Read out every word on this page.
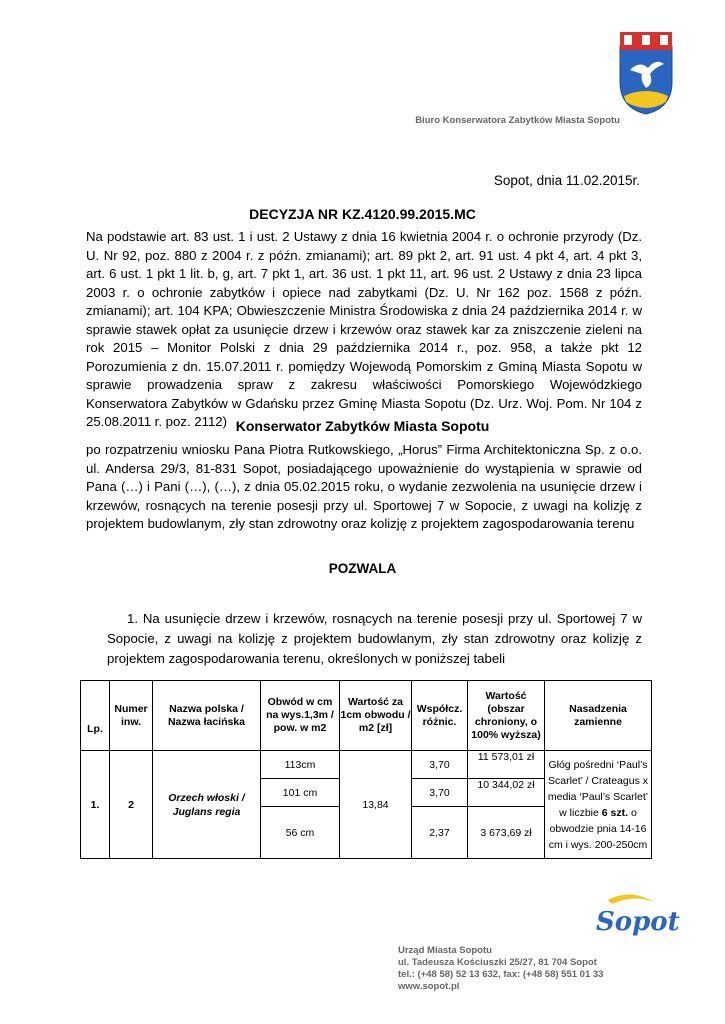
Biuro Konserwatora Zabytków Miasta Sopotu
Sopot, dnia 11.02.2015r.
DECYZJA NR KZ.4120.99.2015.MC
Na podstawie art. 83 ust. 1 i ust. 2 Ustawy z dnia 16 kwietnia 2004 r. o ochronie przyrody (Dz. U. Nr 92, poz. 880 z 2004 r. z późn. zmianami); art. 89 pkt 2, art. 91 ust. 4 pkt 4, art. 4 pkt 3, art. 6 ust. 1 pkt 1 lit. b, g, art. 7 pkt 1, art. 36 ust. 1 pkt 11, art. 96 ust. 2 Ustawy z dnia 23 lipca 2003 r. o ochronie zabytków i opiece nad zabytkami (Dz. U. Nr 162 poz. 1568 z późn. zmianami); art. 104 KPA; Obwieszczenie Ministra Środowiska z dnia 24 października 2014 r. w sprawie stawek opłat za usunięcie drzew i krzewów oraz stawek kar za zniszczenie zieleni na rok 2015 – Monitor Polski z dnia 29 października 2014 r., poz. 958, a także pkt 12 Porozumienia z dn. 15.07.2011 r. pomiędzy Wojewodą Pomorskim z Gminą Miasta Sopotu w sprawie prowadzenia spraw z zakresu właściwości Pomorskiego Wojewódzkiego Konserwatora Zabytków w Gdańsku przez Gminę Miasta Sopotu (Dz. Urz. Woj. Pom. Nr 104 z 25.08.2011 r. poz. 2112) Konserwator Zabytków Miasta Sopotu
po rozpatrzeniu wniosku Pana Piotra Rutkowskiego, „Horus” Firma Architektoniczna Sp. z o.o. ul. Andersa 29/3, 81-831 Sopot, posiadającego upoważnienie do wystąpienia w sprawie od Pana (…) i Pani (…), (…), z dnia 05.02.2015 roku, o wydanie zezwolenia na usunięcie drzew i krzewów, rosnących na terenie posesji przy ul. Sportowej 7 w Sopocie, z uwagi na kolizję z projektem budowlanym, zły stan zdrowotny oraz kolizję z projektem zagospodarowania terenu
POZWALA
1. Na usunięcie drzew i krzewów, rosnących na terenie posesji przy ul. Sportowej 7 w Sopocie, z uwagi na kolizję z projektem budowlanym, zły stan zdrowotny oraz kolizję z projektem zagospodarowania terenu, określonych w poniższej tabeli
Lp.	Numer inw.	Nazwa polska / Nazwa łacińska	Obwód w cm na wys.1,3m / pow. w m2	Wartość za 1cm obwodu / m2 [zł]	Współcz. różnic.	Wartość (obszar chroniony, o 100% wyższa)	Nasadzenia zamienne
1.	2	Orzech włoski / Juglans regia	113cm	13,84	3,70	11 573,01 zł	Głóg pośredni ‘Paul’s Scarlet’ / Crateagus x media ‘Paul’s Scarlet’ w liczbie 6 szt. o obwodzie pnia 14-16 cm i wys. 200-250cm
			101 cm		3,70	10 344,02 zł	
			56 cm		2,37	3 673,69 zł	
Sopot
Urząd Miasta Sopotu
ul. Tadeusza Kościuszki 25/27, 81 704 Sopot
tel.: (+48 58) 52 13 632, fax: (+48 58) 551 01 33
www.sopot.pl
